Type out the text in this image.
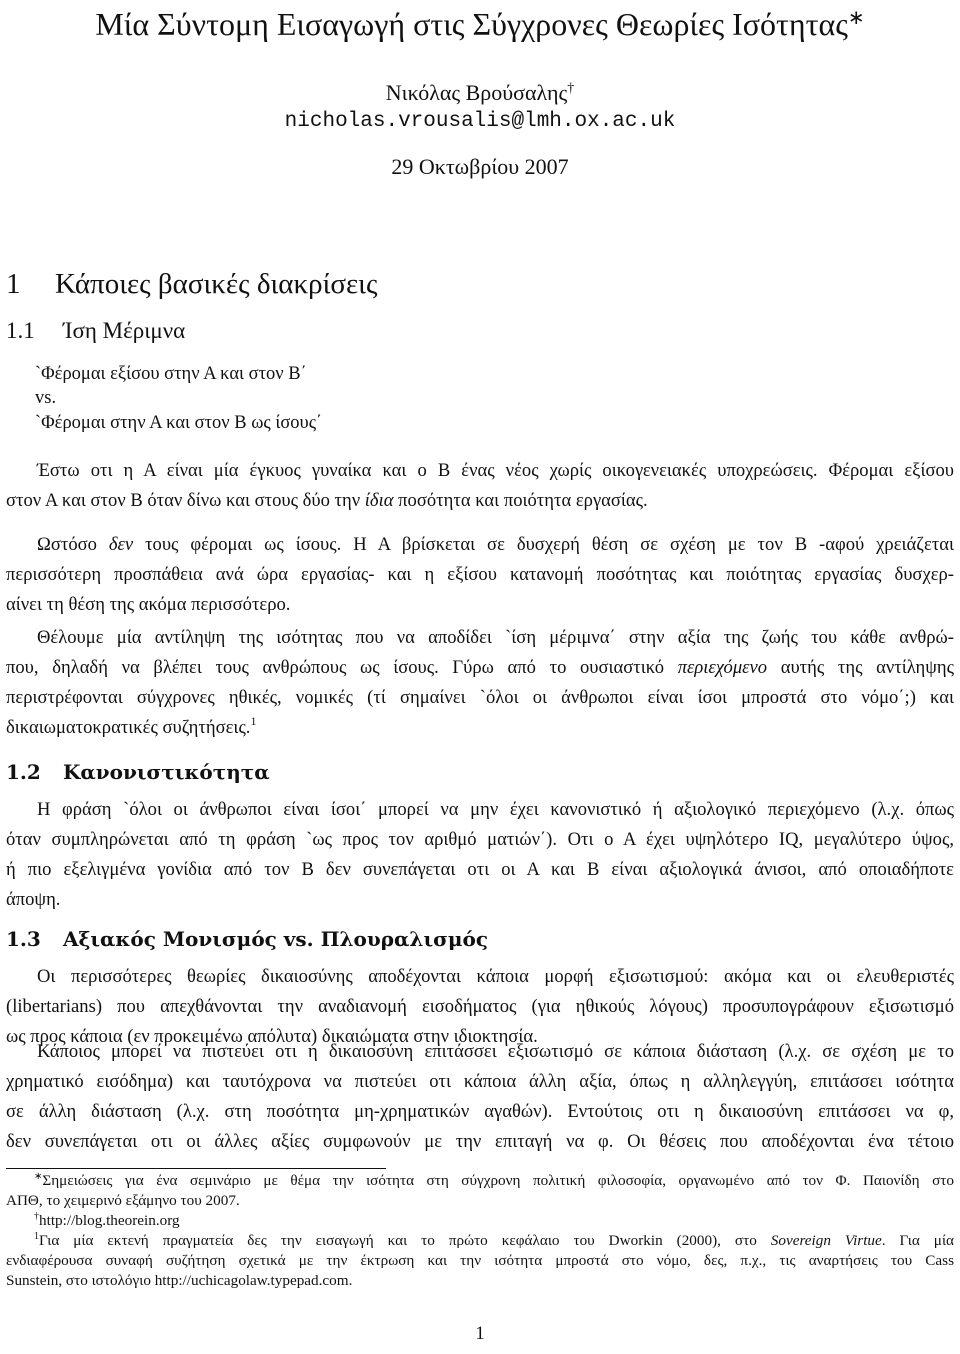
Μία Σύντομη Εισαγωγή στις Σύγχρονες Θεωρίες Ισότητας∗
Νικόλας Βρούσαλης†
nicholas.vrousalis@lmh.ox.ac.uk
29 Οκτωβρίου 2007
1 Κάποιες βασικές διακρίσεις
1.1 Ίση Μέριμνα
`Φέρομαι εξίσου στην Α και στον Β΄
vs.
`Φέρομαι στην Α και στον Β ως ίσους΄
Έστω οτι η Α είναι μία έγκυος γυναίκα και ο Β ένας νέος χωρίς οικογενειακές υποχρεώσεις. Φέρομαι εξίσου
στον Α και στον Β όταν δίνω και στους δύο την ίδια ποσότητα και ποιότητα εργασίας.
Ωστόσο δεν τους φέρομαι ως ίσους. Η Α βρίσκεται σε δυσχερή θέση σε σχέση με τον Β -αφού χρειάζεται
περισσότερη προσπάθεια ανά ώρα εργασίας- και η εξίσου κατανομή ποσότητας και ποιότητας εργασίας δυσχερ-
αίνει τη θέση της ακόμα περισσότερο.
Θέλουμε μία αντίληψη της ισότητας που να αποδίδει `ίση μέριμνα΄ στην αξία της ζωής του κάθε ανθρώ-
που, δηλαδή να βλέπει τους ανθρώπους ως ίσους. Γύρω από το ουσιαστικό περιεχόμενο αυτής της αντίληψης
περιστρέφονται σύγχρονες ηθικές, νομικές (τί σημαίνει `όλοι οι άνθρωποι είναι ίσοι μπροστά στο νόμο΄;) και
δικαιωματοκρατικές συζητήσεις.$^1$
1.2 Κανονιστικότητα
Η φράση `όλοι οι άνθρωποι είναι ίσοι΄ μπορεί να μην έχει κανονιστικό ή αξιολογικό περιεχόμενο (λ.χ. όπως
όταν συμπληρώνεται από τη φράση `ως προς τον αριθμό ματιών΄). Οτι ο Α έχει υψηλότερο IQ, μεγαλύτερο ύψος,
ή πιο εξελιγμένα γονίδια από τον Β δεν συνεπάγεται οτι οι Α και Β είναι αξιολογικά άνισοι, από οποιαδήποτε
άποψη.
1.3 Αξιακός Μονισμός vs. Πλουραλισμός
Οι περισσότερες θεωρίες δικαιοσύνης αποδέχονται κάποια μορφή εξισωτισμού: ακόμα και οι ελευθεριστές
(libertarians) που απεχθάνονται την αναδιανομή εισοδήματος (για ηθικούς λόγους) προσυπογράφουν εξισωτισμό
ως προς κάποια (εν προκειμένω απόλυτα) δικαιώματα στην ιδιοκτησία.
Κάποιος μπορεί να πιστεύει οτι η δικαιοσύνη επιτάσσει εξισωτισμό σε κάποια διάσταση (λ.χ. σε σχέση με το
χρηματικό εισόδημα) και ταυτόχρονα να πιστεύει οτι κάποια άλλη αξία, όπως η αλληλεγγύη, επιτάσσει ισότητα
σε άλλη διάσταση (λ.χ. στη ποσότητα μη-χρηματικών αγαθών). Εντούτοις οτι η δικαιοσύνη επιτάσσει να φ,
δεν συνεπάγεται οτι οι άλλες αξίες συμφωνούν με την επιταγή να φ. Οι θέσεις που αποδέχονται ένα τέτοιο
∗Σημειώσεις για ένα σεμινάριο με θέμα την ισότητα στη σύγχρονη πολιτική φιλοσοφία, οργανωμένο από τον Φ. Παιονίδη στο
ΑΠΘ, το χειμερινό εξάμηνο του 2007.
†http://blog.theorein.org
$^1$Για μία εκτενή πραγματεία δες την εισαγωγή και το πρώτο κεφάλαιο του Dworkin (2000), στο Sovereign Virtue. Για μία
ενδιαφέρουσα συναφή συζήτηση σχετικά με την έκτρωση και την ισότητα μπροστά στο νόμο, δες, π.χ., τις αναρτήσεις του Cass
Sunstein, στο ιστολόγιο http://uchicagolaw.typepad.com.
1
